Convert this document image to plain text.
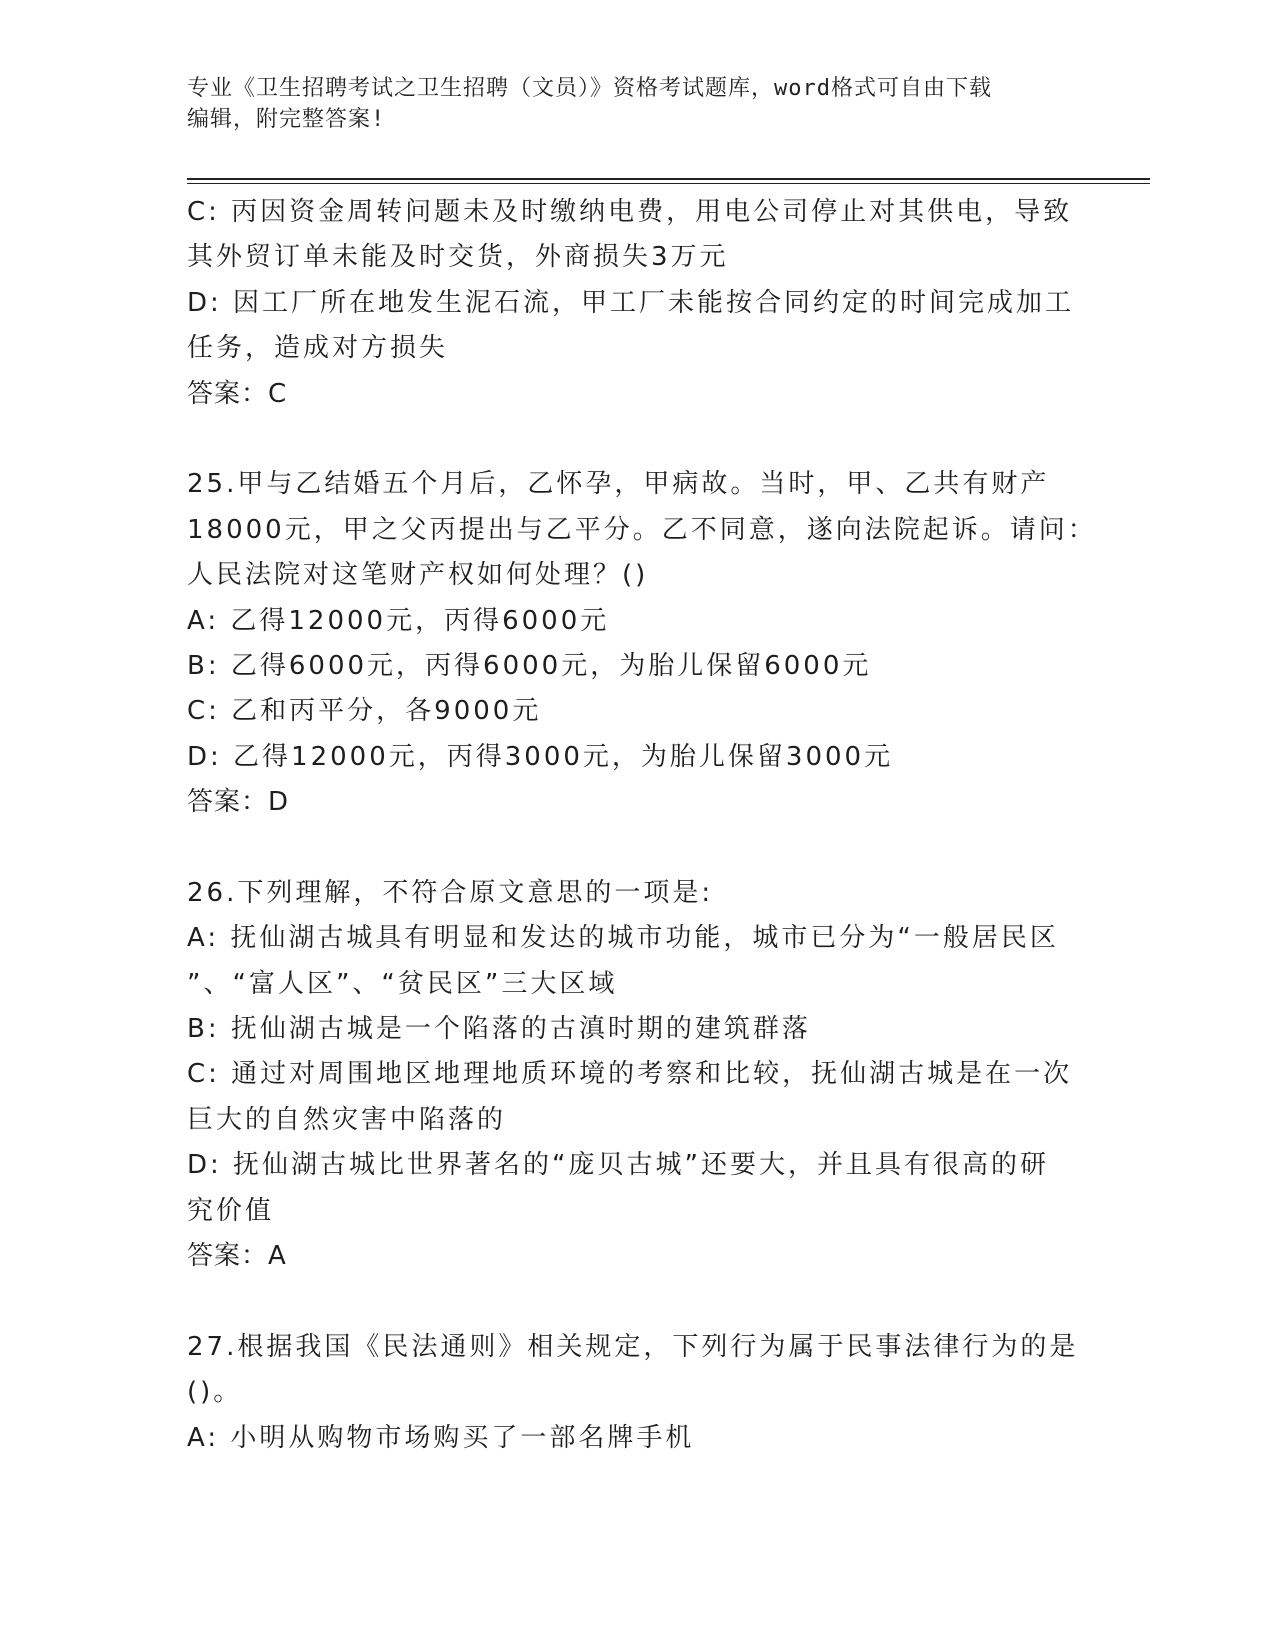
专业《卫生招聘考试之卫生招聘（文员）》资格考试题库，word格式可自由下载
编辑，附完整答案!
C: 丙因资金周转问题未及时缴纳电费，用电公司停止对其供电，导致
其外贸订单未能及时交货，外商损失3万元
D: 因工厂所在地发生泥石流，甲工厂未能按合同约定的时间完成加工
任务，造成对方损失
答案：C
25.甲与乙结婚五个月后，乙怀孕，甲病故。当时，甲、乙共有财产
18000元，甲之父丙提出与乙平分。乙不同意，遂向法院起诉。请问：
人民法院对这笔财产权如何处理？()
A: 乙得12000元，丙得6000元
B: 乙得6000元，丙得6000元，为胎儿保留6000元
C: 乙和丙平分，各9000元
D: 乙得12000元，丙得3000元，为胎儿保留3000元
答案：D
26.下列理解，不符合原文意思的一项是:
A: 抚仙湖古城具有明显和发达的城市功能，城市已分为“一般居民区
”、“富人区”、“贫民区”三大区域
B: 抚仙湖古城是一个陷落的古滇时期的建筑群落
C: 通过对周围地区地理地质环境的考察和比较，抚仙湖古城是在一次
巨大的自然灾害中陷落的
D: 抚仙湖古城比世界著名的“庞贝古城”还要大，并且具有很高的研
究价值
答案：A
27.根据我国《民法通则》相关规定，下列行为属于民事法律行为的是
()。
A: 小明从购物市场购买了一部名牌手机
